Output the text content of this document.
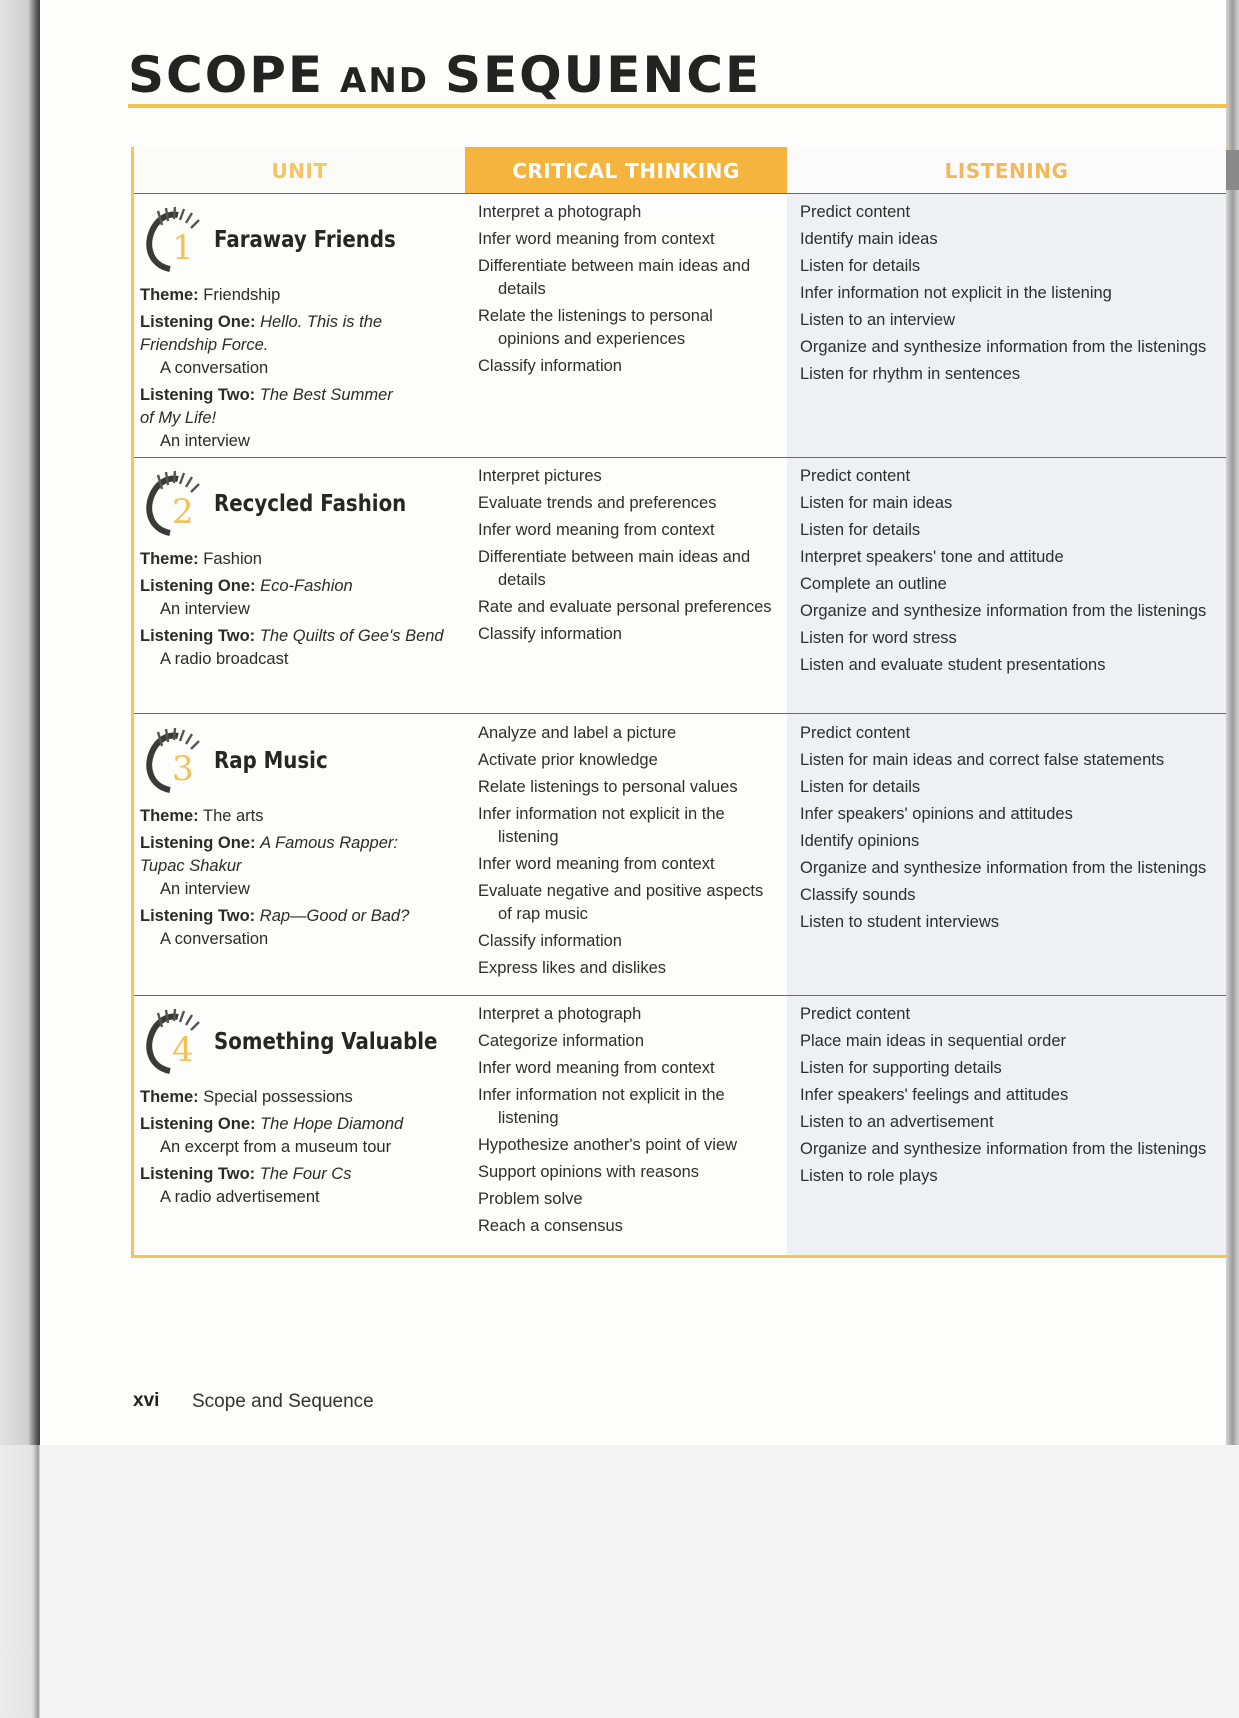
SCOPE AND SEQUENCE
UNIT	CRITICAL THINKING	LISTENING
1 Faraway Friends
Theme: Friendship
Listening One: Hello. This is the
Friendship Force.
A conversation
Listening Two: The Best Summer
of My Life!
An interview
Interpret a photograph
Infer word meaning from context
Differentiate between main ideas and details
Relate the listenings to personal opinions and experiences
Classify information
Predict content
Identify main ideas
Listen for details
Infer information not explicit in the listening
Listen to an interview
Organize and synthesize information from the listenings
Listen for rhythm in sentences
2 Recycled Fashion
Theme: Fashion
Listening One: Eco-Fashion
An interview
Listening Two: The Quilts of Gee's Bend
A radio broadcast
Interpret pictures
Evaluate trends and preferences
Infer word meaning from context
Differentiate between main ideas and details
Rate and evaluate personal preferences
Classify information
Predict content
Listen for main ideas
Listen for details
Interpret speakers' tone and attitude
Complete an outline
Organize and synthesize information from the listenings
Listen for word stress
Listen and evaluate student presentations
3 Rap Music
Theme: The arts
Listening One: A Famous Rapper:
Tupac Shakur
An interview
Listening Two: Rap—Good or Bad?
A conversation
Analyze and label a picture
Activate prior knowledge
Relate listenings to personal values
Infer information not explicit in the listening
Infer word meaning from context
Evaluate negative and positive aspects of rap music
Classify information
Express likes and dislikes
Predict content
Listen for main ideas and correct false statements
Listen for details
Infer speakers' opinions and attitudes
Identify opinions
Organize and synthesize information from the listenings
Classify sounds
Listen to student interviews
4 Something Valuable
Theme: Special possessions
Listening One: The Hope Diamond
An excerpt from a museum tour
Listening Two: The Four Cs
A radio advertisement
Interpret a photograph
Categorize information
Infer word meaning from context
Infer information not explicit in the listening
Hypothesize another's point of view
Support opinions with reasons
Problem solve
Reach a consensus
Predict content
Place main ideas in sequential order
Listen for supporting details
Infer speakers' feelings and attitudes
Listen to an advertisement
Organize and synthesize information from the listenings
Listen to role plays
xvi Scope and Sequence
